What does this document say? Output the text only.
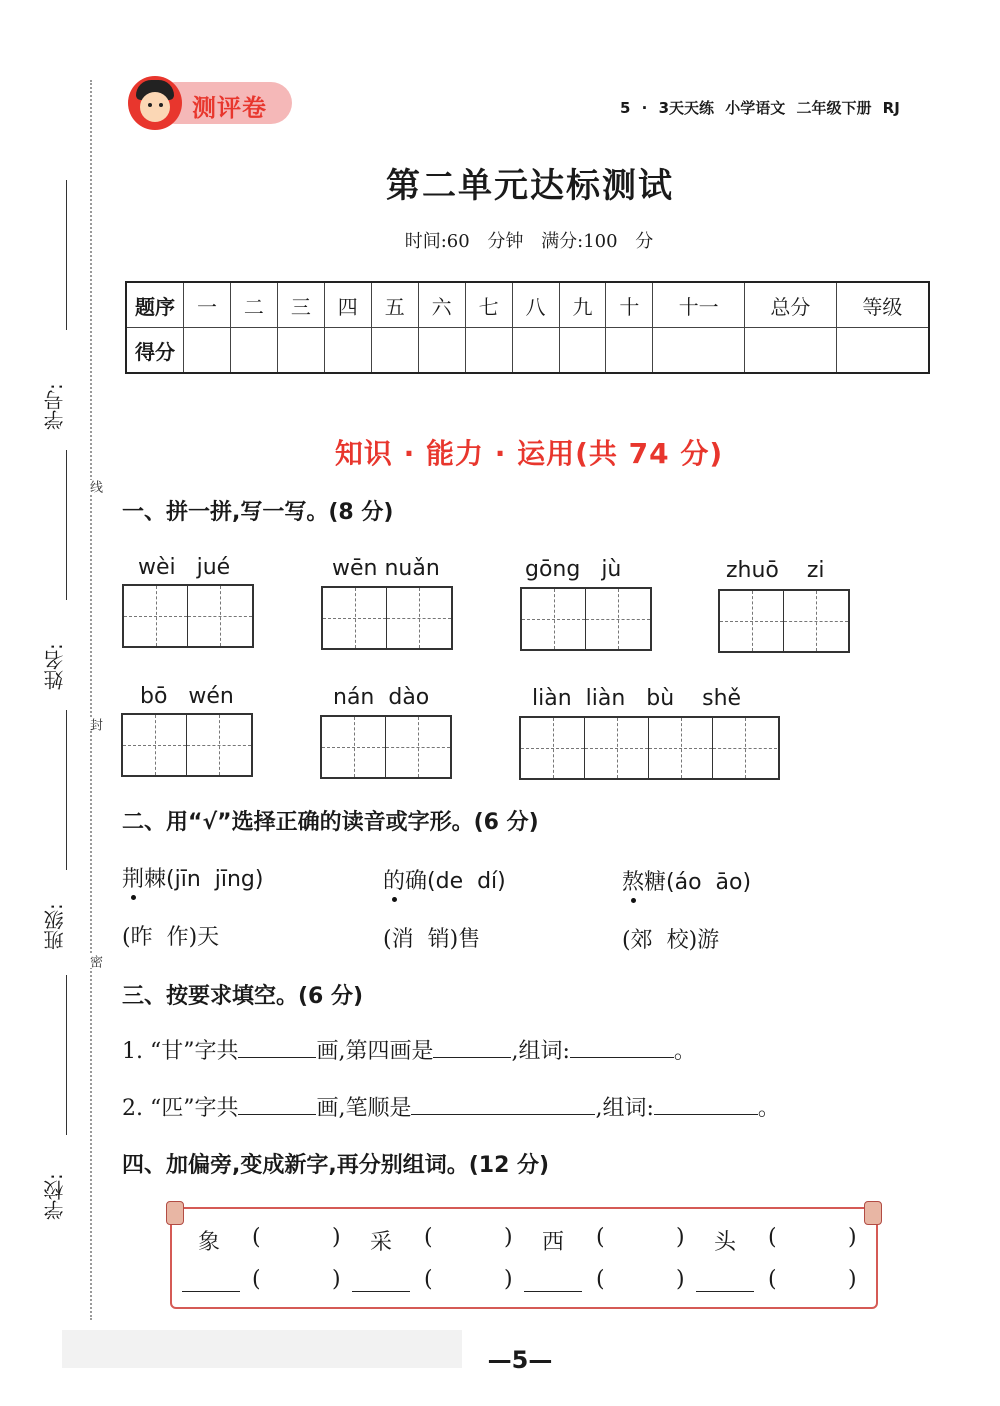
学号:
姓名:
班级:
学校:
线
封
密
测评卷	5 · 3天天练 小学语文 二年级下册 RJ
第二单元达标测试
时间:60 分钟 满分:100 分
题序	一	二	三	四	五	六	七	八	九	十	十一	总分	等级
得分													
知识 · 能力 · 运用(共 74 分)
一、拼一拼,写一写。(8 分)
wèi   jué	wēn nuǎn	gōng   jù	zhuō    zi
bō   wén	nán  dào	liàn  liàn   bù    shě
二、用“√”选择正确的读音或字形。(6 分)
荆棘(jīn  jīng)	的确(de  dí)	熬糖(áo  āo)
(昨  作)天	(消  销)售	(郊  校)游
三、按要求填空。(6 分)
1. “甘”字共	画,第四画是	,组词:	。
2. “匹”字共	画,笔顺是	,组词:	。
四、加偏旁,变成新字,再分别组词。(12 分)
象 (	) 采 (	) 西 (	) 头 (	)
(	)	(	)	(	)	(	)
—5—
